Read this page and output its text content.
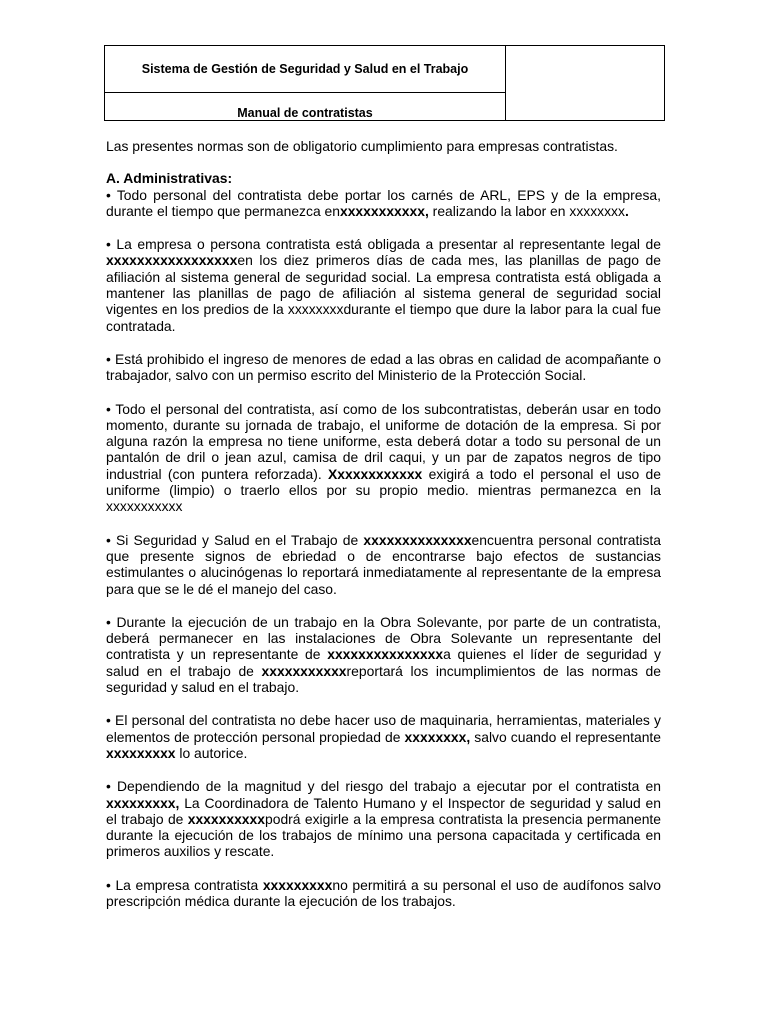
Sistema de Gestión de Seguridad y Salud en el Trabajo
Manual de contratistas

Las presentes normas son de obligatorio cumplimiento para empresas contratistas.

A. Administrativas:

• Todo personal del contratista debe portar los carnés de ARL, EPS y de la empresa, durante el tiempo que permanezca enxxxxxxxxxxx, realizando la labor en xxxxxxxx.

• La empresa o persona contratista está obligada a presentar al representante legal de xxxxxxxxxxxxxxxxxen los diez primeros días de cada mes, las planillas de pago de afiliación al sistema general de seguridad social. La empresa contratista está obligada a mantener las planillas de pago de afiliación al sistema general de seguridad social vigentes en los predios de la xxxxxxxxdurante el tiempo que dure la labor para la cual fue contratada.

• Está prohibido el ingreso de menores de edad a las obras en calidad de acompañante o trabajador, salvo con un permiso escrito del Ministerio de la Protección Social.

• Todo el personal del contratista, así como de los subcontratistas, deberán usar en todo momento, durante su jornada de trabajo, el uniforme de dotación de la empresa. Si por alguna razón la empresa no tiene uniforme, esta deberá dotar a todo su personal de un pantalón de dril o jean azul, camisa de dril caqui, y un par de zapatos negros de tipo industrial (con puntera reforzada). Xxxxxxxxxxxx exigirá a todo el personal el uso de uniforme (limpio) o traerlo ellos por su propio medio. mientras permanezca en la xxxxxxxxxxx

• Si Seguridad y Salud en el Trabajo de xxxxxxxxxxxxxxencuentra personal contratista que presente signos de ebriedad o de encontrarse bajo efectos de sustancias estimulantes o alucinógenas lo reportará inmediatamente al representante de la empresa para que se le dé el manejo del caso.

• Durante la ejecución de un trabajo en la Obra Solevante, por parte de un contratista, deberá permanecer en las instalaciones de Obra Solevante un representante del contratista y un representante de xxxxxxxxxxxxxxxa quienes el líder de seguridad y salud en el trabajo de xxxxxxxxxxxreportará los incumplimientos de las normas de seguridad y salud en el trabajo.

• El personal del contratista no debe hacer uso de maquinaria, herramientas, materiales y elementos de protección personal propiedad de xxxxxxxx, salvo cuando el representante xxxxxxxxx lo autorice.

• Dependiendo de la magnitud y del riesgo del trabajo a ejecutar por el contratista en xxxxxxxxx, La Coordinadora de Talento Humano y el Inspector de seguridad y salud en el trabajo de xxxxxxxxxxpodrá exigirle a la empresa contratista la presencia permanente durante la ejecución de los trabajos de mínimo una persona capacitada y certificada en primeros auxilios y rescate.

• La empresa contratista xxxxxxxxxno permitirá a su personal el uso de audífonos salvo prescripción médica durante la ejecución de los trabajos.
